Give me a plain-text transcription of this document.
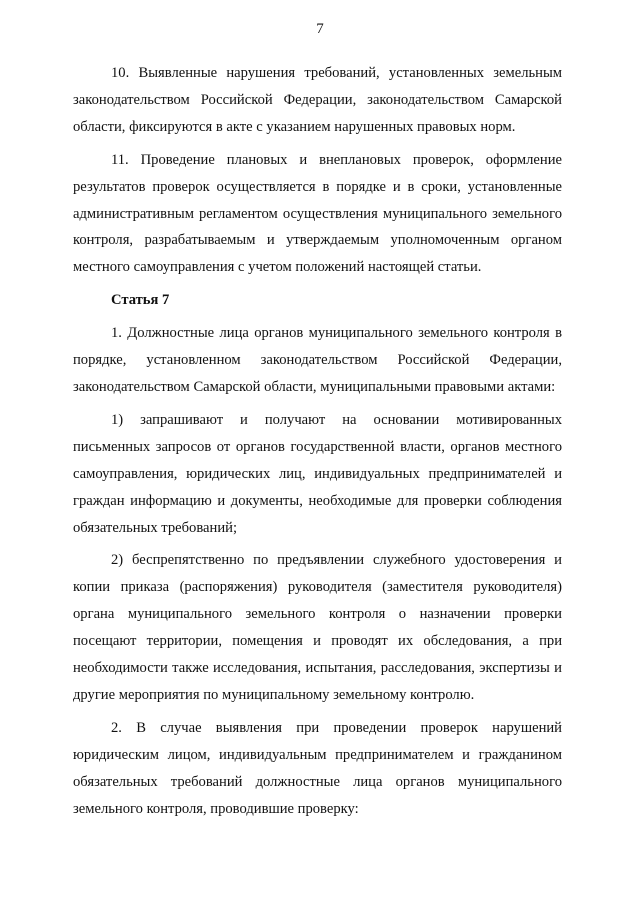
7

10. Выявленные нарушения требований, установленных земельным законодательством Российской Федерации, законодательством Самарской области, фиксируются в акте с указанием нарушенных правовых норм.

11. Проведение плановых и внеплановых проверок, оформление результатов проверок осуществляется в порядке и в сроки, установленные административным регламентом осуществления муниципального земельного контроля, разрабатываемым и утверждаемым уполномоченным органом местного самоуправления с учетом положений настоящей статьи.

Статья 7

1. Должностные лица органов муниципального земельного контроля в порядке, установленном законодательством Российской Федерации, законодательством Самарской области, муниципальными правовыми актами:

1) запрашивают и получают на основании мотивированных письменных запросов от органов государственной власти, органов местного самоуправления, юридических лиц, индивидуальных предпринимателей и граждан информацию и документы, необходимые для проверки соблюдения обязательных требований;

2) беспрепятственно по предъявлении служебного удостоверения и копии приказа (распоряжения) руководителя (заместителя руководителя) органа муниципального земельного контроля о назначении проверки посещают территории, помещения и проводят их обследования, а при необходимости также исследования, испытания, расследования, экспертизы и другие мероприятия по муниципальному земельному контролю.

2. В случае выявления при проведении проверок нарушений юридическим лицом, индивидуальным предпринимателем и гражданином обязательных требований должностные лица органов муниципального земельного контроля, проводившие проверку:
